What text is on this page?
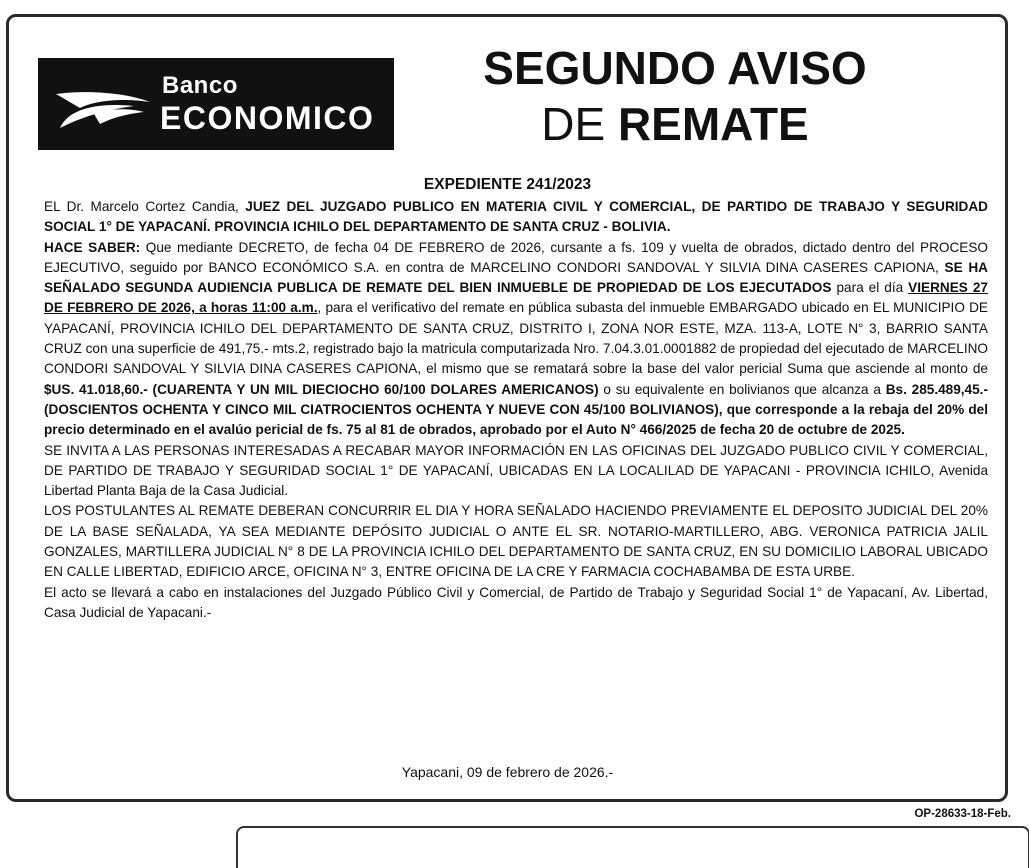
Banco
ECONOMICO
SEGUNDO AVISO
DE REMATE
EXPEDIENTE 241/2023

EL Dr. Marcelo Cortez Candia, JUEZ DEL JUZGADO PUBLICO EN MATERIA CIVIL Y COMERCIAL, DE PARTIDO DE TRABAJO Y SEGURIDAD SOCIAL 1° DE YAPACANÍ. PROVINCIA ICHILO DEL DEPARTAMENTO DE SANTA CRUZ - BOLIVIA.

HACE SABER: Que mediante DECRETO, de fecha 04 DE FEBRERO de 2026, cursante a fs. 109 y vuelta de obrados, dictado dentro del PROCESO EJECUTIVO, seguido por BANCO ECONÓMICO S.A. en contra de MARCELINO CONDORI SANDOVAL Y SILVIA DINA CASERES CAPIONA, SE HA SEÑALADO SEGUNDA AUDIENCIA PUBLICA DE REMATE DEL BIEN INMUEBLE DE PROPIEDAD DE LOS EJECUTADOS para el día VIERNES 27 DE FEBRERO DE 2026, a horas 11:00 a.m., para el verificativo del remate en pública subasta del inmueble EMBARGADO ubicado en EL MUNICIPIO DE YAPACANÍ, PROVINCIA ICHILO DEL DEPARTAMENTO DE SANTA CRUZ, DISTRITO I, ZONA NOR ESTE, MZA. 113-A, LOTE N° 3, BARRIO SANTA CRUZ con una superficie de 491,75.- mts.2, registrado bajo la matricula computarizada Nro. 7.04.3.01.0001882 de propiedad del ejecutado de MARCELINO CONDORI SANDOVAL Y SILVIA DINA CASERES CAPIONA, el mismo que se rematará sobre la base del valor pericial Suma que asciende al monto de $US. 41.018,60.- (CUARENTA Y UN MIL DIECIOCHO 60/100 DOLARES AMERICANOS) o su equivalente en bolivianos que alcanza a Bs. 285.489,45.- (DOSCIENTOS OCHENTA Y CINCO MIL CIATROCIENTOS OCHENTA Y NUEVE CON 45/100 BOLIVIANOS), que corresponde a la rebaja del 20% del precio determinado en el avalúo pericial de fs. 75 al 81 de obrados, aprobado por el Auto N° 466/2025 de fecha 20 de octubre de 2025.

SE INVITA A LAS PERSONAS INTERESADAS A RECABAR MAYOR INFORMACIÓN EN LAS OFICINAS DEL JUZGADO PUBLICO CIVIL Y COMERCIAL, DE PARTIDO DE TRABAJO Y SEGURIDAD SOCIAL 1° DE YAPACANÍ, UBICADAS EN LA LOCALILAD DE YAPACANI - PROVINCIA ICHILO, Avenida Libertad Planta Baja de la Casa Judicial.

LOS POSTULANTES AL REMATE DEBERAN CONCURRIR EL DIA Y HORA SEÑALADO HACIENDO PREVIAMENTE EL DEPOSITO JUDICIAL DEL 20% DE LA BASE SEÑALADA, YA SEA MEDIANTE DEPÓSITO JUDICIAL O ANTE EL SR. NOTARIO-MARTILLERO, ABG. VERONICA PATRICIA JALIL GONZALES, MARTILLERA JUDICIAL N° 8 DE LA PROVINCIA ICHILO DEL DEPARTAMENTO DE SANTA CRUZ, EN SU DOMICILIO LABORAL UBICADO EN CALLE LIBERTAD, EDIFICIO ARCE, OFICINA N° 3, ENTRE OFICINA DE LA CRE Y FARMACIA COCHABAMBA DE ESTA URBE.

El acto se llevará a cabo en instalaciones del Juzgado Público Civil y Comercial, de Partido de Trabajo y Seguridad Social 1° de Yapacaní, Av. Libertad, Casa Judicial de Yapacani.-

Yapacani, 09 de febrero de 2026.-
OP-28633-18-Feb.
